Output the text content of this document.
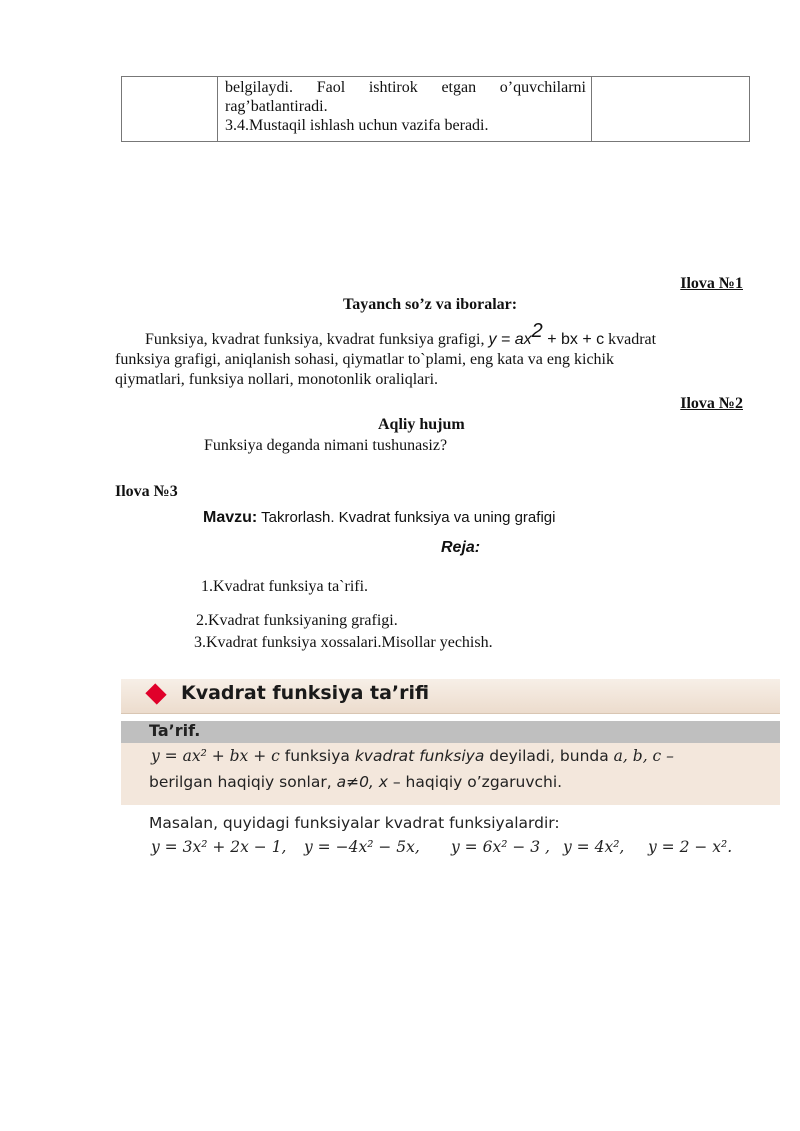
belgilaydi. Faol ishtirok etgan o’quvchilarni
rag’batlantiradi.
3.4.Mustaqil ishlash uchun vazifa beradi.

Ilova №1
Tayanch so’z va iboralar:
Funksiya, kvadrat funksiya, kvadrat funksiya grafigi, y = ax2 + bx + c kvadrat
funksiya grafigi, aniqlanish sohasi, qiymatlar to`plami, eng kata va eng kichik
qiymatlari, funksiya nollari, monotonlik oraliqlari.
Ilova №2
Aqliy hujum
Funksiya deganda nimani tushunasiz?
Ilova №3
Mavzu: Takrorlash. Kvadrat funksiya va uning grafigi
Reja:
1.Kvadrat funksiya ta`rifi.
2.Kvadrat funksiyaning grafigi.
3.Kvadrat funksiya xossalari.Misollar yechish.
Kvadrat funksiya ta’rifi
Ta’rif.
y = ax² + bx + c funksiya kvadrat funksiya deyiladi, bunda a, b, c –
berilgan haqiqiy sonlar, a≠0, x – haqiqiy o’zgaruvchi.
Masalan, quyidagi funksiyalar kvadrat funksiyalardir:
y = 3x² + 2x − 1, y = −4x² − 5x, y = 6x² − 3 , y = 4x², y = 2 − x².
